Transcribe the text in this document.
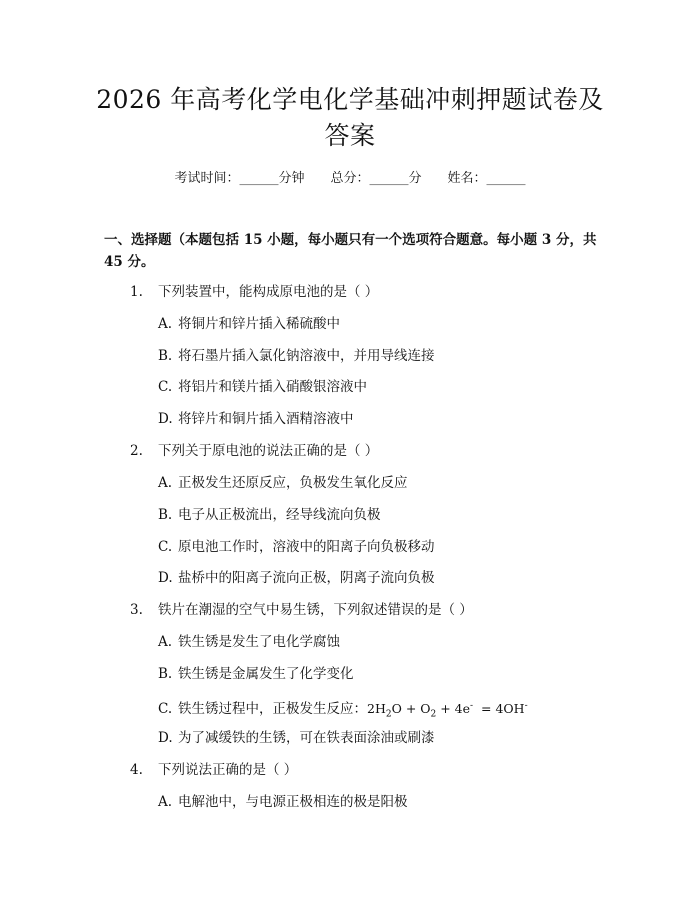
2026 年高考化学电化学基础冲刺押题试卷及
答案
考试时间：______分钟 总分：______分 姓名：______
一、选择题（本题包括 15 小题，每小题只有一个选项符合题意。每小题 3 分，共
45 分。
1. 下列装置中，能构成原电池的是（ ）
A. 将铜片和锌片插入稀硫酸中
B. 将石墨片插入氯化钠溶液中，并用导线连接
C. 将铝片和镁片插入硝酸银溶液中
D. 将锌片和铜片插入酒精溶液中
2. 下列关于原电池的说法正确的是（ ）
A. 正极发生还原反应，负极发生氧化反应
B. 电子从正极流出，经导线流向负极
C. 原电池工作时，溶液中的阳离子向负极移动
D. 盐桥中的阳离子流向正极，阴离子流向负极
3. 铁片在潮湿的空气中易生锈，下列叙述错误的是（ ）
A. 铁生锈是发生了电化学腐蚀
B. 铁生锈是金属发生了化学变化
C. 铁生锈过程中，正极发生反应：$2H_2O + O_2 + 4e^- = 4OH^-$
D. 为了减缓铁的生锈，可在铁表面涂油或刷漆
4. 下列说法正确的是（ ）
A. 电解池中，与电源正极相连的极是阳极
